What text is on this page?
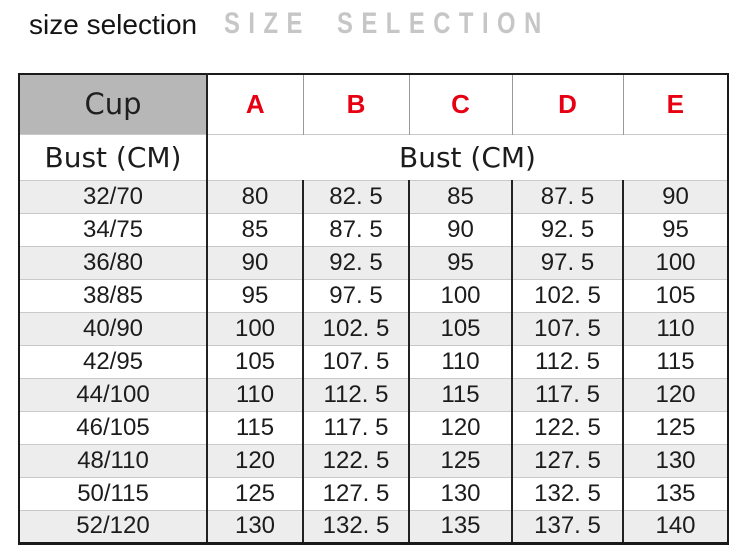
size selection SIZE SELECTION
Cup	A	B	C	D	E
Bust (CM)	Bust (CM)				
32/70	80	82. 5	85	87. 5	90
34/75	85	87. 5	90	92. 5	95
36/80	90	92. 5	95	97. 5	100
38/85	95	97. 5	100	102. 5	105
40/90	100	102. 5	105	107. 5	110
42/95	105	107. 5	110	112. 5	115
44/100	110	112. 5	115	117. 5	120
46/105	115	117. 5	120	122. 5	125
48/110	120	122. 5	125	127. 5	130
50/115	125	127. 5	130	132. 5	135
52/120	130	132. 5	135	137. 5	140
